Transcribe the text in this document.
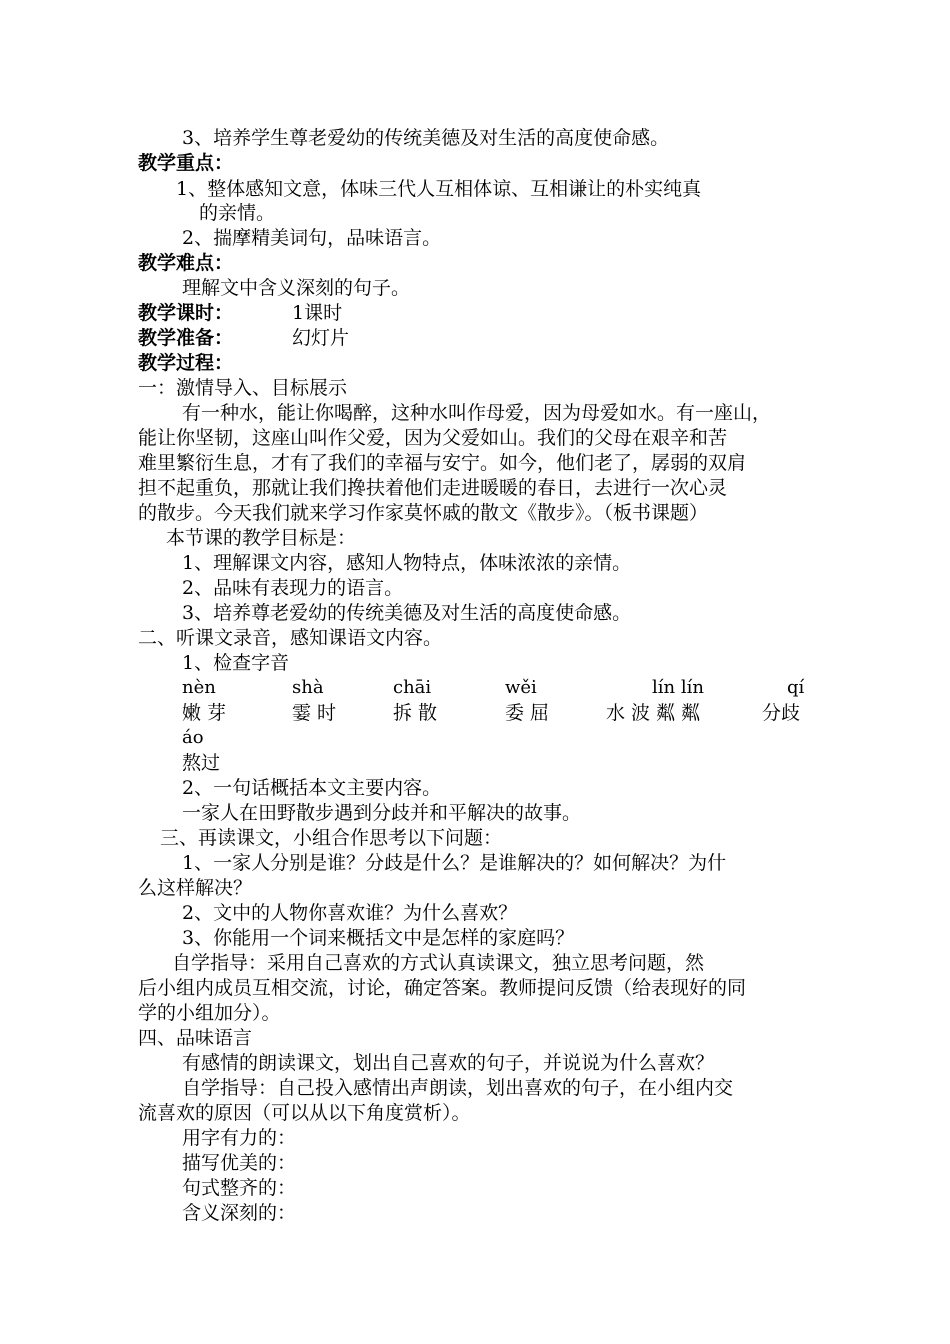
3、培养学生尊老爱幼的传统美德及对生活的高度使命感。
教学重点：
1、整体感知文意，体味三代人互相体谅、互相谦让的朴实纯真
的亲情。
2、揣摩精美词句，品味语言。
教学难点：
理解文中含义深刻的句子。
教学课时：	1课时
教学准备：	幻灯片
教学过程：
一：激情导入、目标展示
有一种水，能让你喝醉，这种水叫作母爱，因为母爱如水。有一座山，
能让你坚韧，这座山叫作父爱，因为父爱如山。我们的父母在艰辛和苦
难里繁衍生息，才有了我们的幸福与安宁。如今，他们老了，孱弱的双肩
担不起重负，那就让我们搀扶着他们走进暖暖的春日，去进行一次心灵
的散步。今天我们就来学习作家莫怀戚的散文《散步》。（板书课题）
本节课的教学目标是：
1、理解课文内容，感知人物特点，体味浓浓的亲情。
2、品味有表现力的语言。
3、培养尊老爱幼的传统美德及对生活的高度使命感。
二、听课文录音，感知课语文内容。
1、检查字音
nèn	shà	chāi	wěi	lín lín	qí
嫩 芽	霎 时	拆 散	委 屈	水 波 粼 粼	分歧
áo
熬过
2、一句话概括本文主要内容。
一家人在田野散步遇到分歧并和平解决的故事。
三、再读课文，小组合作思考以下问题：
1、一家人分别是谁？分歧是什么？是谁解决的？如何解决？为什
么这样解决？
2、文中的人物你喜欢谁？为什么喜欢？
3、你能用一个词来概括文中是怎样的家庭吗？
自学指导：采用自己喜欢的方式认真读课文，独立思考问题，然
后小组内成员互相交流，讨论，确定答案。教师提问反馈（给表现好的同
学的小组加分）。
四、品味语言
有感情的朗读课文，划出自己喜欢的句子，并说说为什么喜欢？
自学指导：自己投入感情出声朗读，划出喜欢的句子，在小组内交
流喜欢的原因（可以从以下角度赏析）。
用字有力的：
描写优美的：
句式整齐的：
含义深刻的：
